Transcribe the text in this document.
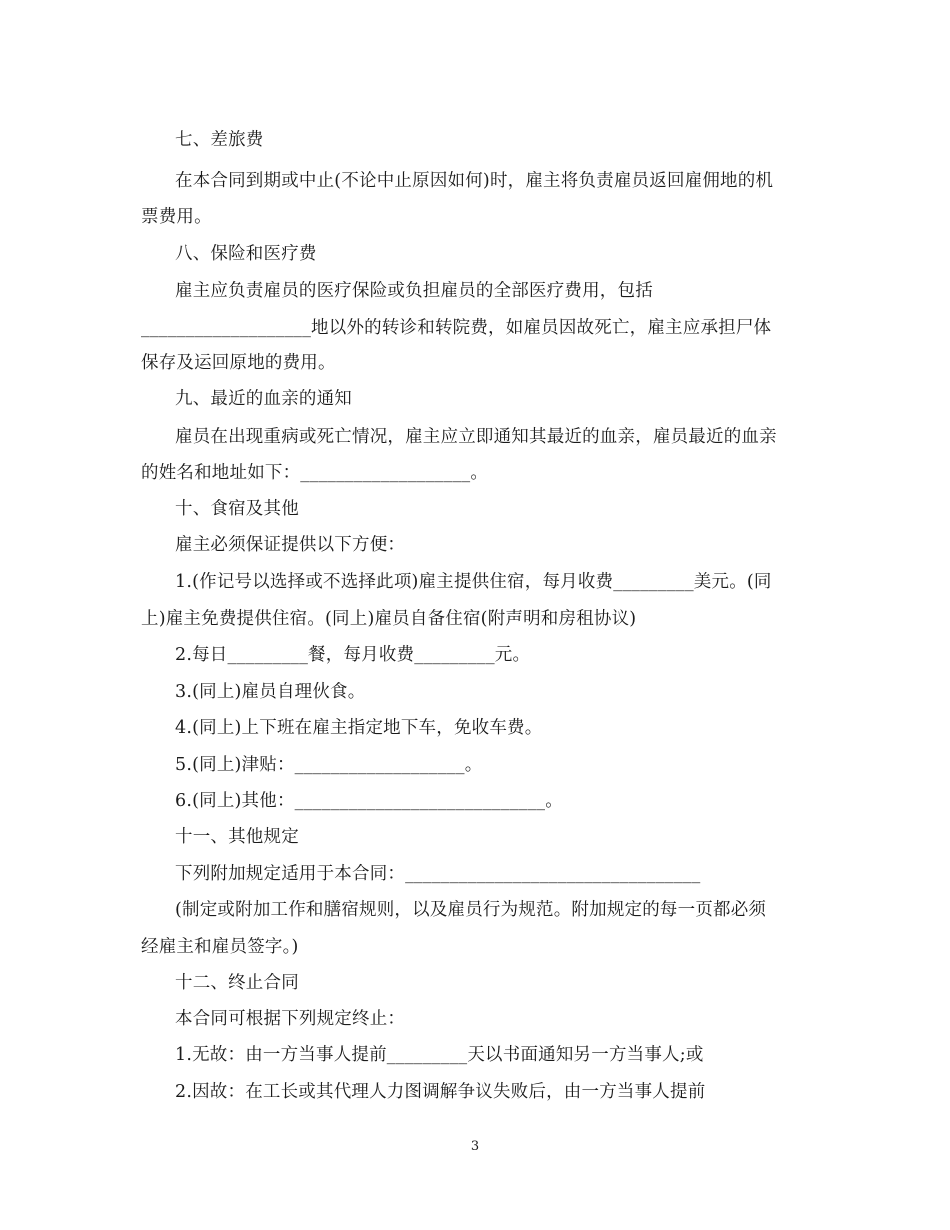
七、差旅费
在本合同到期或中止(不论中止原因如何)时，雇主将负责雇员返回雇佣地的机
票费用。
八、保险和医疗费
雇主应负责雇员的医疗保险或负担雇员的全部医疗费用，包括
___________________地以外的转诊和转院费，如雇员因故死亡，雇主应承担尸体
保存及运回原地的费用。
九、最近的血亲的通知
雇员在出现重病或死亡情况，雇主应立即通知其最近的血亲，雇员最近的血亲
的姓名和地址如下：___________________。
十、食宿及其他
雇主必须保证提供以下方便：
1.(作记号以选择或不选择此项)雇主提供住宿，每月收费_________美元。(同
上)雇主免费提供住宿。(同上)雇员自备住宿(附声明和房租协议)
2.每日_________餐，每月收费_________元。
3.(同上)雇员自理伙食。
4.(同上)上下班在雇主指定地下车，免收车费。
5.(同上)津贴：___________________。
6.(同上)其他：____________________________。
十一、其他规定
下列附加规定适用于本合同：_________________________________
(制定或附加工作和膳宿规则，以及雇员行为规范。附加规定的每一页都必须
经雇主和雇员签字。)
十二、终止合同
本合同可根据下列规定终止：
1.无故：由一方当事人提前_________天以书面通知另一方当事人;或
2.因故：在工长或其代理人力图调解争议失败后，由一方当事人提前
3
